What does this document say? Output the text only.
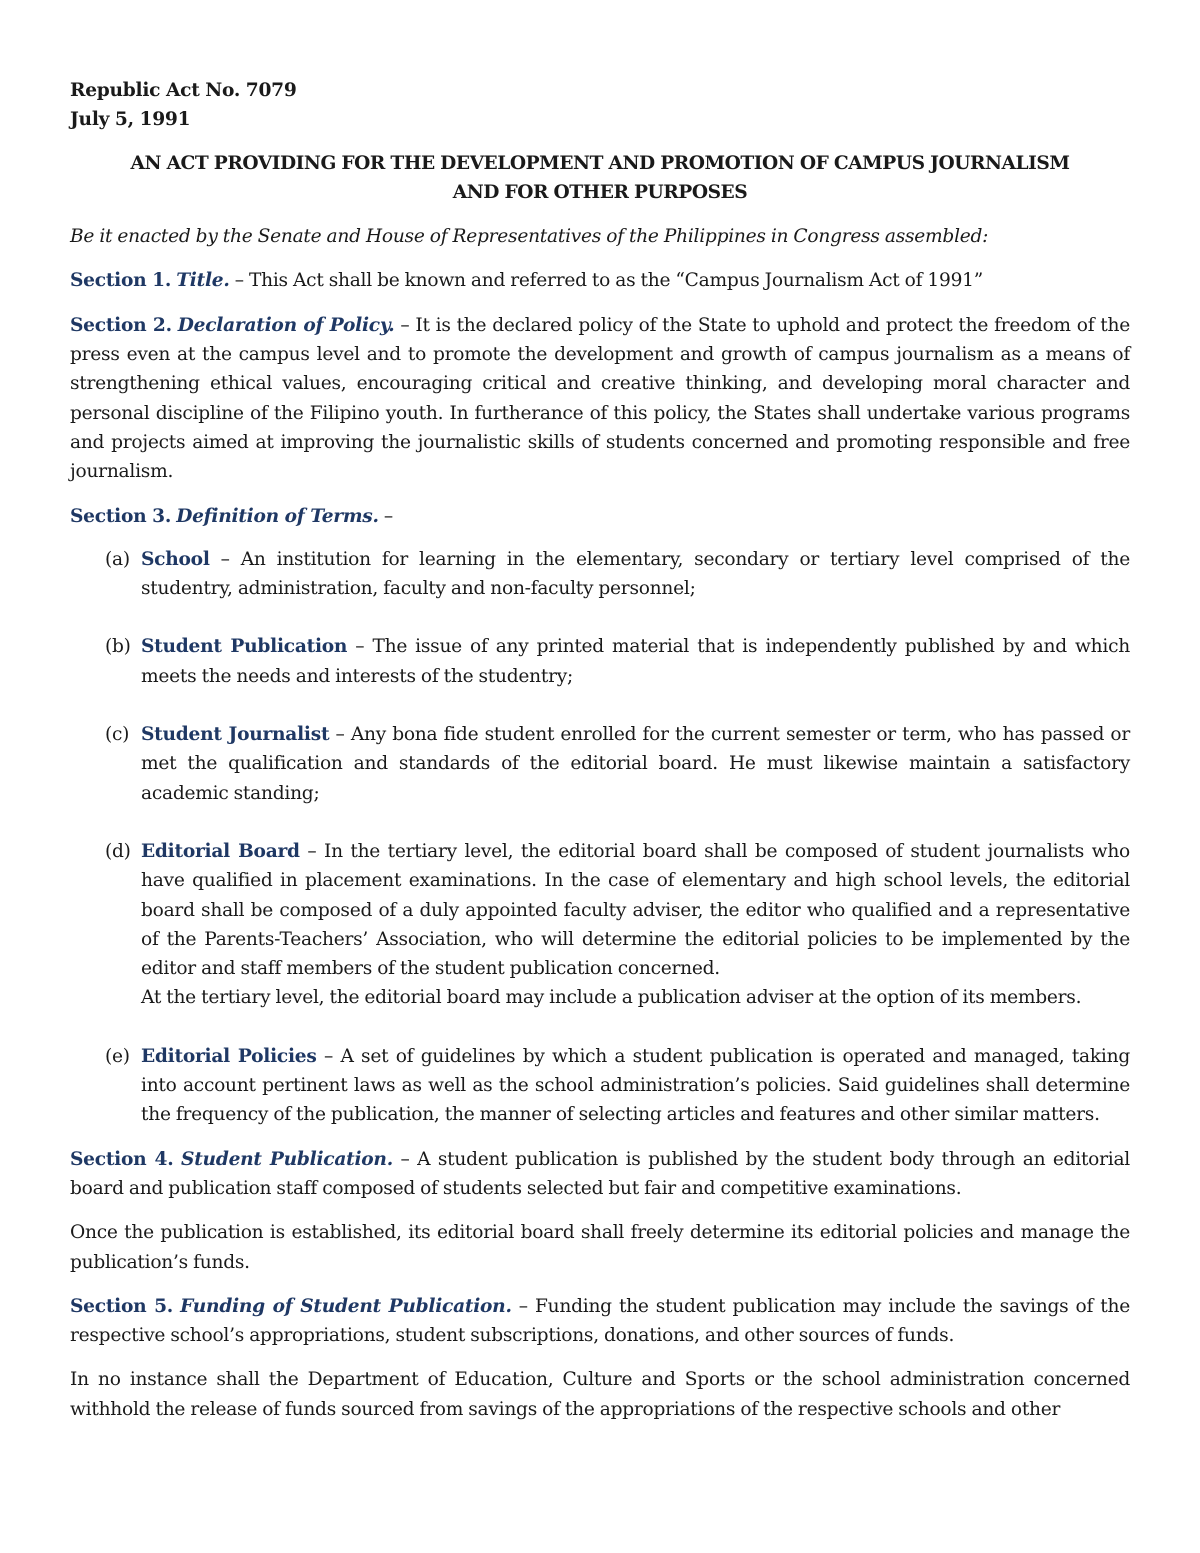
Republic Act No. 7079

July 5, 1991

AN ACT PROVIDING FOR THE DEVELOPMENT AND PROMOTION OF CAMPUS JOURNALISM
AND FOR OTHER PURPOSES

Be it enacted by the Senate and House of Representatives of the Philippines in Congress assembled:

Section 1. Title. – This Act shall be known and referred to as the “Campus Journalism Act of 1991”

Section 2. Declaration of Policy. – It is the declared policy of the State to uphold and protect the freedom of the press even at the campus level and to promote the development and growth of campus journalism as a means of strengthening ethical values, encouraging critical and creative thinking, and developing moral character and personal discipline of the Filipino youth. In furtherance of this policy, the States shall undertake various programs and projects aimed at improving the journalistic skills of students concerned and promoting responsible and free journalism.

Section 3. Definition of Terms. –

(a) School – An institution for learning in the elementary, secondary or tertiary level comprised of the studentry, administration, faculty and non-faculty personnel;
(b) Student Publication – The issue of any printed material that is independently published by and which meets the needs and interests of the studentry;
(c) Student Journalist – Any bona fide student enrolled for the current semester or term, who has passed or met the qualification and standards of the editorial board. He must likewise maintain a satisfactory academic standing;
(d) Editorial Board – In the tertiary level, the editorial board shall be composed of student journalists who have qualified in placement examinations. In the case of elementary and high school levels, the editorial board shall be composed of a duly appointed faculty adviser, the editor who qualified and a representative of the Parents-Teachers’ Association, who will determine the editorial policies to be implemented by the editor and staff members of the student publication concerned.
At the tertiary level, the editorial board may include a publication adviser at the option of its members.
(e) Editorial Policies – A set of guidelines by which a student publication is operated and managed, taking into account pertinent laws as well as the school administration’s policies. Said guidelines shall determine the frequency of the publication, the manner of selecting articles and features and other similar matters.

Section 4. Student Publication. – A student publication is published by the student body through an editorial board and publication staff composed of students selected but fair and competitive examinations.

Once the publication is established, its editorial board shall freely determine its editorial policies and manage the publication’s funds.

Section 5. Funding of Student Publication. – Funding the student publication may include the savings of the respective school’s appropriations, student subscriptions, donations, and other sources of funds.

In no instance shall the Department of Education, Culture and Sports or the school administration concerned withhold the release of funds sourced from savings of the appropriations of the respective schools and other
